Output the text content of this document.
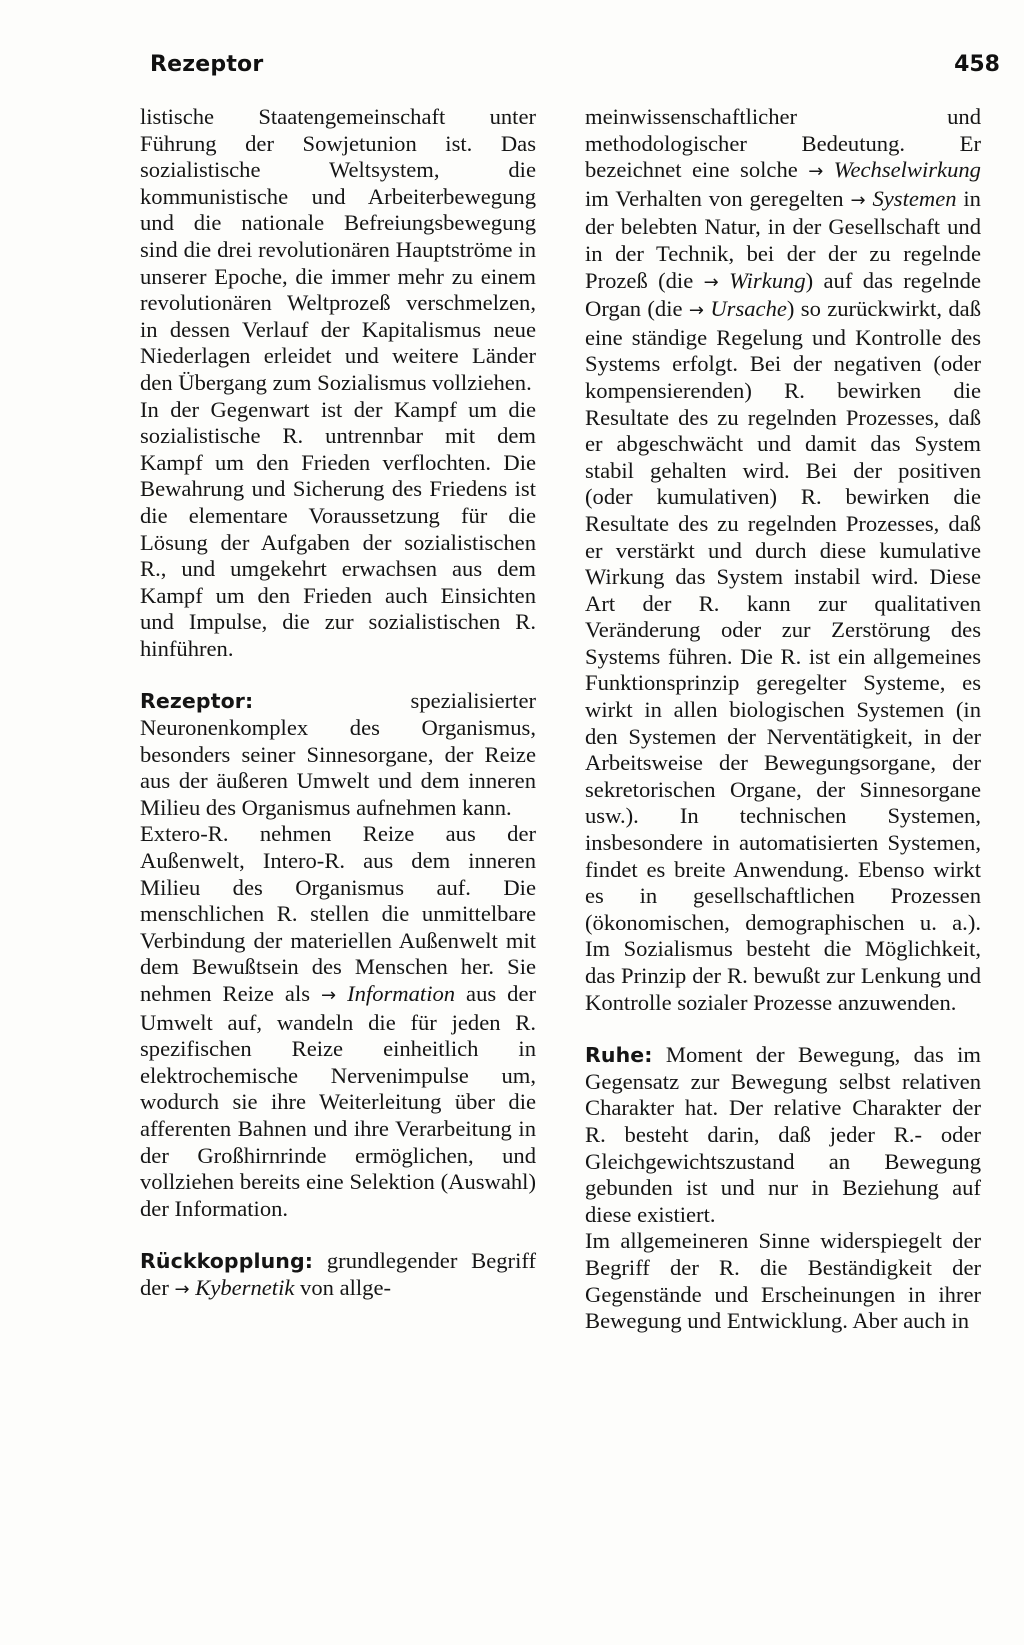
Rezeptor	458

listische Staatengemeinschaft unter Führung der Sowjetunion ist. Das sozialistische Weltsystem, die kommunistische und Arbeiterbewegung und die nationale Befreiungsbewegung sind die drei revolutionären Hauptströme in unserer Epoche, die immer mehr zu einem revolutionären Weltprozeß verschmelzen, in dessen Verlauf der Kapitalismus neue Niederlagen erleidet und weitere Länder den Übergang zum Sozialismus vollziehen.

In der Gegenwart ist der Kampf um die sozialistische R. untrennbar mit dem Kampf um den Frieden verflochten. Die Bewahrung und Sicherung des Friedens ist die elementare Voraussetzung für die Lösung der Aufgaben der sozialistischen R., und umgekehrt erwachsen aus dem Kampf um den Frieden auch Einsichten und Impulse, die zur sozialistischen R. hinführen.

Rezeptor: spezialisierter Neuronenkomplex des Organismus, besonders seiner Sinnesorgane, der Reize aus der äußeren Umwelt und dem inneren Milieu des Organismus aufnehmen kann.

Extero-R. nehmen Reize aus der Außenwelt, Intero-R. aus dem inneren Milieu des Organismus auf. Die menschlichen R. stellen die unmittelbare Verbindung der materiellen Außenwelt mit dem Bewußtsein des Menschen her. Sie nehmen Reize als → Information aus der Umwelt auf, wandeln die für jeden R. spezifischen Reize einheitlich in elektrochemische Nervenimpulse um, wodurch sie ihre Weiterleitung über die afferenten Bahnen und ihre Verarbeitung in der Großhirnrinde ermöglichen, und vollziehen bereits eine Selektion (Auswahl) der Information.

Rückkopplung: grundlegender Begriff der → Kybernetik von allge-

meinwissenschaftlicher und methodologischer Bedeutung. Er bezeichnet eine solche → Wechselwirkung im Verhalten von geregelten → Systemen in der belebten Natur, in der Gesellschaft und in der Technik, bei der der zu regelnde Prozeß (die → Wirkung) auf das regelnde Organ (die → Ursache) so zurückwirkt, daß eine ständige Regelung und Kontrolle des Systems erfolgt. Bei der negativen (oder kompensierenden) R. bewirken die Resultate des zu regelnden Prozesses, daß er abgeschwächt und damit das System stabil gehalten wird. Bei der positiven (oder kumulativen) R. bewirken die Resultate des zu regelnden Prozesses, daß er verstärkt und durch diese kumulative Wirkung das System instabil wird. Diese Art der R. kann zur qualitativen Veränderung oder zur Zerstörung des Systems führen. Die R. ist ein allgemeines Funktionsprinzip geregelter Systeme, es wirkt in allen biologischen Systemen (in den Systemen der Nerventätigkeit, in der Arbeitsweise der Bewegungsorgane, der sekretorischen Organe, der Sinnesorgane usw.). In technischen Systemen, insbesondere in automatisierten Systemen, findet es breite Anwendung. Ebenso wirkt es in gesellschaftlichen Prozessen (ökonomischen, demographischen u. a.). Im Sozialismus besteht die Möglichkeit, das Prinzip der R. bewußt zur Lenkung und Kontrolle sozialer Prozesse anzuwenden.

Ruhe: Moment der Bewegung, das im Gegensatz zur Bewegung selbst relativen Charakter hat. Der relative Charakter der R. besteht darin, daß jeder R.- oder Gleichgewichtszustand an Bewegung gebunden ist und nur in Beziehung auf diese existiert.

Im allgemeineren Sinne widerspiegelt der Begriff der R. die Beständigkeit der Gegenstände und Erscheinungen in ihrer Bewegung und Entwicklung. Aber auch in
